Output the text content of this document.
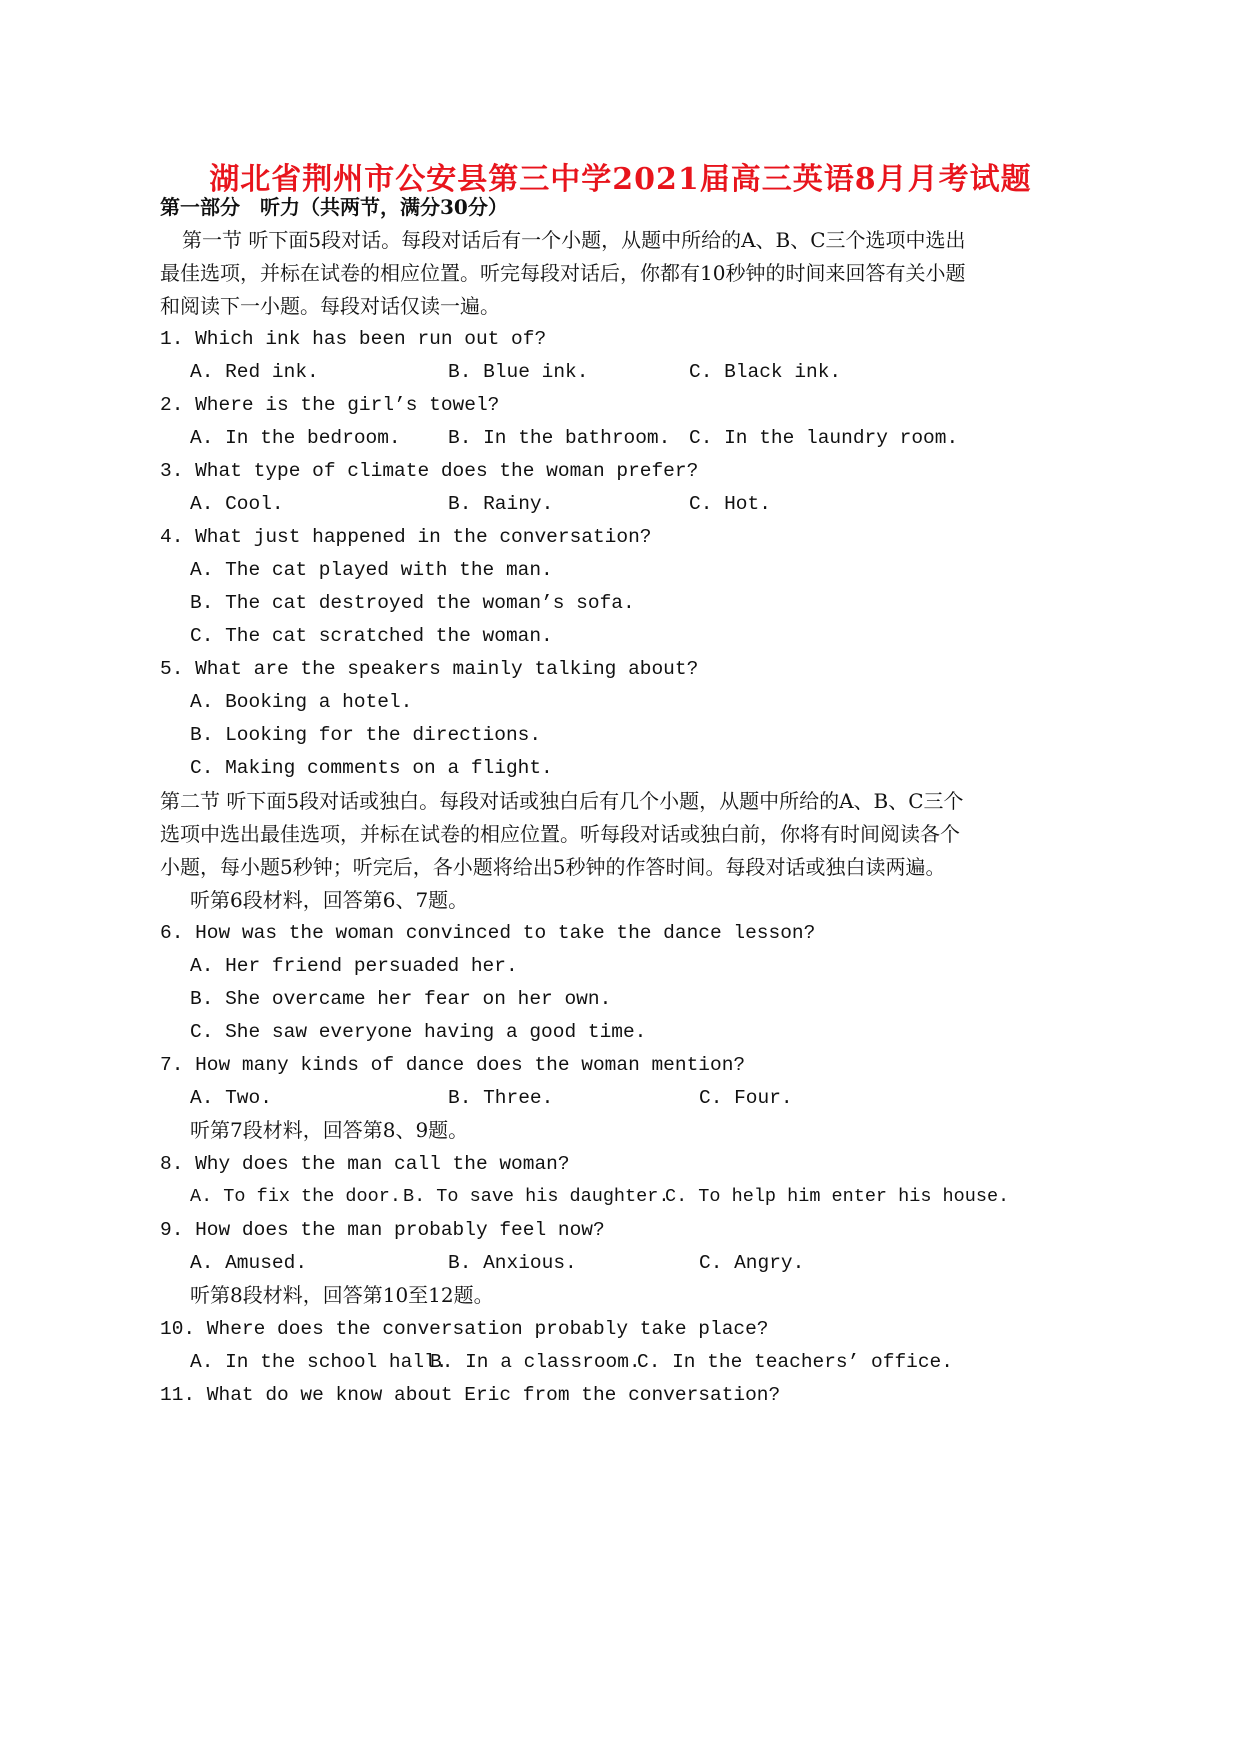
湖北省荆州市公安县第三中学2021届高三英语8月月考试题
第一部分　听力（共两节，满分30分）
第一节 听下面5段对话。每段对话后有一个小题，从题中所给的A、B、C三个选项中选出
最佳选项，并标在试卷的相应位置。听完每段对话后，你都有10秒钟的时间来回答有关小题
和阅读下一小题。每段对话仅读一遍。
1. Which ink has been run out of?
A. Red ink.	B. Blue ink.	C. Black ink.
2. Where is the girl’s towel?
A. In the bedroom. B. In the bathroom. C. In the laundry room.
3. What type of climate does the woman prefer?
A. Cool.	B. Rainy.	C. Hot.
4. What just happened in the conversation?
A. The cat played with the man.
B. The cat destroyed the woman’s sofa.
C. The cat scratched the woman.
5. What are the speakers mainly talking about?
A. Booking a hotel.
B. Looking for the directions.
C. Making comments on a flight.
第二节 听下面5段对话或独白。每段对话或独白后有几个小题，从题中所给的A、B、C三个
选项中选出最佳选项，并标在试卷的相应位置。听每段对话或独白前，你将有时间阅读各个
小题，每小题5秒钟；听完后，各小题将给出5秒钟的作答时间。每段对话或独白读两遍。
听第6段材料，回答第6、7题。
6. How was the woman convinced to take the dance lesson?
A. Her friend persuaded her.
B. She overcame her fear on her own.
C. She saw everyone having a good time.
7. How many kinds of dance does the woman mention?
A. Two.	B. Three.	C. Four.
听第7段材料，回答第8、9题。
8. Why does the man call the woman?
A. To fix the door. B. To save his daughter.
C. To help him enter his house.
9. How does the man probably feel now?
A. Amused.	B. Anxious.	C. Angry.
听第8段材料，回答第10至12题。
10. Where does the conversation probably take place?
A. In the school hall.
B. In a classroom.
C. In the teachers’ office.
11. What do we know about Eric from the conversation?
